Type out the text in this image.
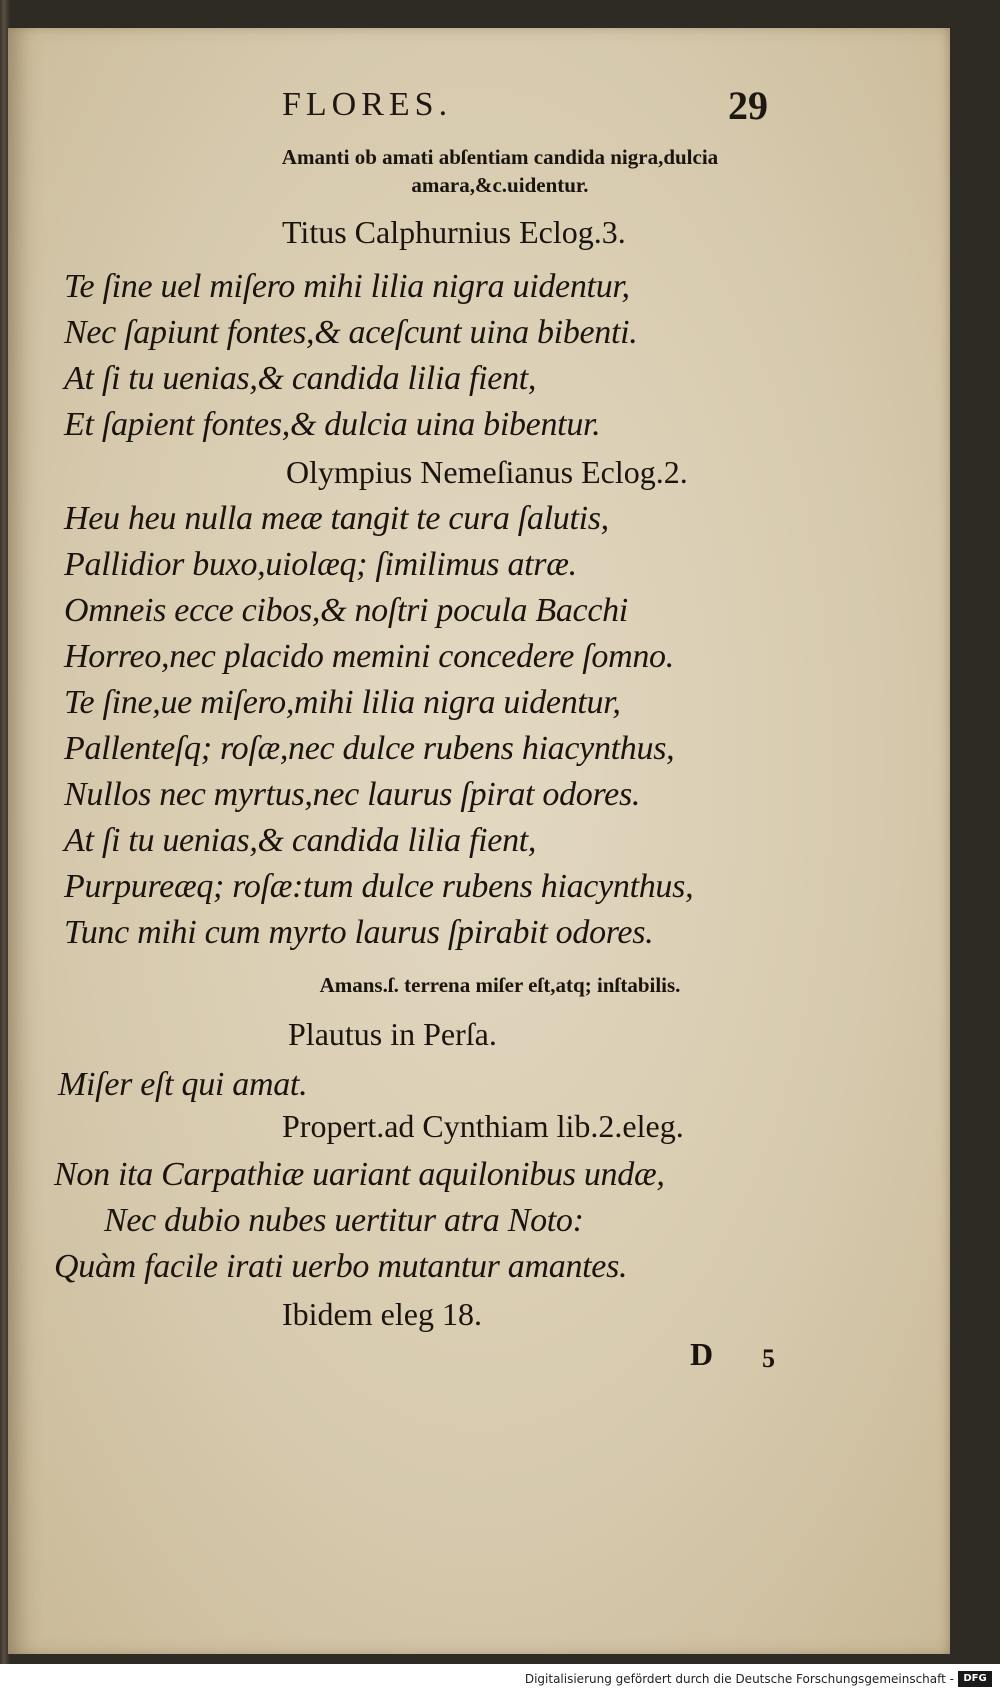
FLORES.	29
Amanti ob amati abſentiam candida nigra,dulcia
amara,&c.uidentur.
Titus Calphurnius Eclog.3.
Te ſine uel miſero mihi lilia nigra uidentur,
Nec ſapiunt fontes,& aceſcunt uina bibenti.
At ſi tu uenias,& candida lilia fient,
Et ſapient fontes,& dulcia uina bibentur.
Olympius Nemeſianus Eclog.2.
Heu heu nulla meæ tangit te cura ſalutis,
Pallidior buxo,uiolæq; ſimilimus atræ.
Omneis ecce cibos,& noſtri pocula Bacchi
Horreo,nec placido memini concedere ſomno.
Te ſine,ue miſero,mihi lilia nigra uidentur,
Pallenteſq; roſæ,nec dulce rubens hiacynthus,
Nullos nec myrtus,nec laurus ſpirat odores.
At ſi tu uenias,& candida lilia fient,
Purpureæq; roſæ:tum dulce rubens hiacynthus,
Tunc mihi cum myrto laurus ſpirabit odores.
Amans.ſ. terrena miſer eſt,atq; inſtabilis.
Plautus in Perſa.
Miſer eſt qui amat.
Propert.ad Cynthiam lib.2.eleg.
Non ita Carpathiæ uariant aquilonibus undæ,
Nec dubio nubes uertitur atra Noto:
Quàm facile irati uerbo mutantur amantes.
Ibidem eleg 18.
D 5
Digitalisierung gefördert durch die Deutsche Forschungsgemeinschaft - DFG
